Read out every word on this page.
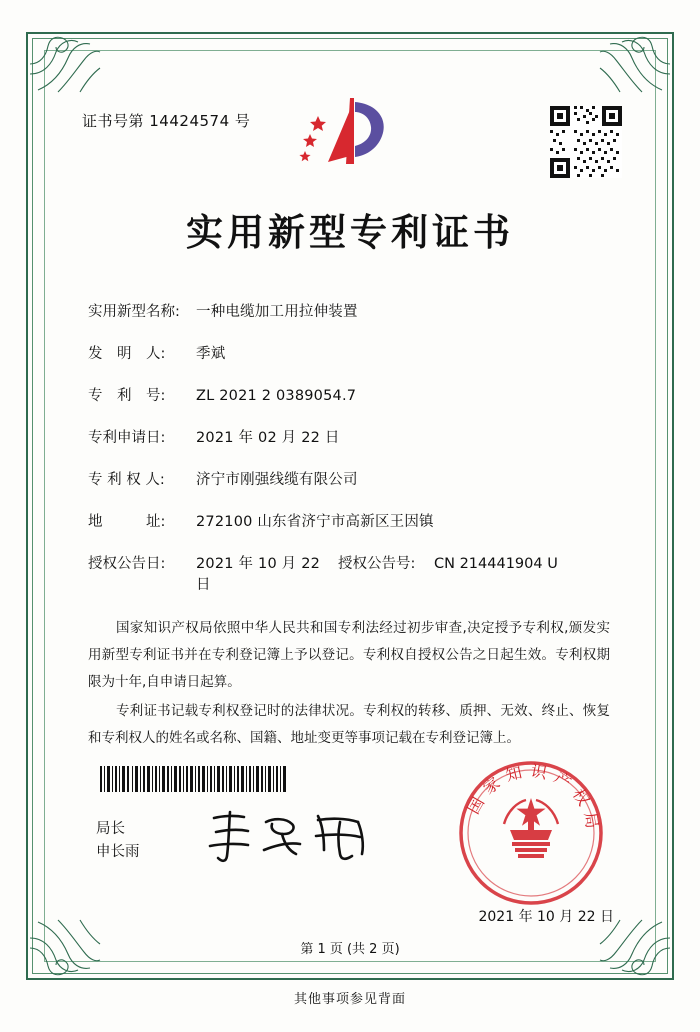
证书号第 14424574 号
实用新型专利证书
实用新型名称:	一种电缆加工用拉伸装置
发　明　人:	季斌
专　利　号:	ZL 2021 2 0389054.7
专利申请日:	2021 年 02 月 22 日
专 利 权 人:	济宁市刚强线缆有限公司
地　　　址:	272100 山东省济宁市高新区王因镇
授权公告日:	2021 年 10 月 22 日
授权公告号:	CN 214441904 U
国家知识产权局依照中华人民共和国专利法经过初步审查,决定授予专利权,颁发实用新型专利证书并在专利登记簿上予以登记。专利权自授权公告之日起生效。专利权期限为十年,自申请日起算。
专利证书记载专利权登记时的法律状况。专利权的转移、质押、无效、终止、恢复和专利权人的姓名或名称、国籍、地址变更等事项记载在专利登记簿上。
局长
申长雨
国家知识产权局
2021 年 10 月 22 日
第 1 页 (共 2 页)
其他事项参见背面
